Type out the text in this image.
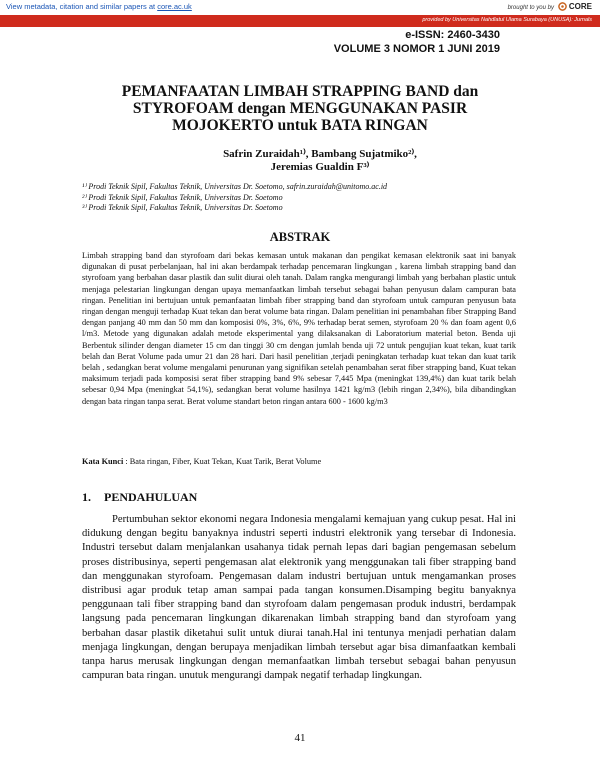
View metadata, citation and similar papers at core.ac.uk	brought to you by CORE
provided by Universitas Nahdlatul Ulama Surabaya (UNUSA): Jurnals
e-ISSN: 2460-3430
VOLUME 3 NOMOR 1 JUNI 2019
PEMANFAATAN LIMBAH STRAPPING BAND dan
STYROFOAM dengan MENGGUNAKAN PASIR
MOJOKERTO untuk BATA RINGAN
Safrin Zuraidah¹⁾, Bambang Sujatmiko²⁾,
Jeremias Gualdin F³⁾
¹⁾ Prodi Teknik Sipil, Fakultas Teknik, Universitas Dr. Soetomo, safrin.zuraidah@unitomo.ac.id
²⁾ Prodi Teknik Sipil, Fakultas Teknik, Universitas Dr. Soetomo
³⁾ Prodi Teknik Sipil, Fakultas Teknik, Universitas Dr. Soetomo
ABSTRAK
Limbah strapping band dan styrofoam dari bekas kemasan untuk makanan dan pengikat kemasan elektronik saat ini banyak digunakan di pusat perbelanjaan, hal ini akan berdampak terhadap pencemaran lingkungan , karena limbah strapping band dan styrofoam yang berbahan dasar plastik dan sulit diurai oleh tanah. Dalam rangka mengurangi limbah yang berbahan plastic untuk menjaga pelestarian lingkungan dengan upaya memanfaatkan limbah tersebut sebagai bahan penyusun dalam campuran bata ringan. Penelitian ini bertujuan untuk pemanfaatan limbah fiber strapping band dan styrofoam untuk campuran penyusun bata ringan dengan menguji terhadap Kuat tekan dan berat volume bata ringan. Dalam penelitian ini penambahan fiber Strapping Band dengan panjang 40 mm dan 50 mm dan komposisi 0%, 3%, 6%, 9% terhadap berat semen, styrofoam 20 % dan foam agent 0,6 l/m3. Metode yang digunakan adalah metode eksperimental yang dilaksanakan di Laboratorium material beton. Benda uji Berbentuk silinder dengan diameter 15 cm dan tinggi 30 cm dengan jumlah benda uji 72 untuk pengujian kuat tekan, kuat tarik belah dan Berat Volume pada umur 21 dan 28 hari. Dari hasil penelitian ,terjadi peningkatan terhadap kuat tekan dan kuat tarik belah , sedangkan berat volume mengalami penurunan yang signifikan setelah penambahan serat fiber strapping band, Kuat tekan maksimum terjadi pada komposisi serat fiber strapping band 9% sebesar 7,445 Mpa (meningkat 139,4%) dan kuat tarik belah sebesar 0,94 Mpa (meningkat 54,1%), sedangkan berat volume hasilnya 1421 kg/m3 (lebih ringan 2,34%), bila dibandingkan dengan bata ringan tanpa serat. Berat volume standart beton ringan antara 600 - 1600 kg/m3
Kata Kunci : Bata ringan, Fiber, Kuat Tekan, Kuat Tarik, Berat Volume
1. PENDAHULUAN

Pertumbuhan sektor ekonomi negara Indonesia mengalami kemajuan yang cukup pesat. Hal ini didukung dengan begitu banyaknya industri seperti industri elektronik yang tersebar di Indonesia. Industri tersebut dalam menjalankan usahanya tidak pernah lepas dari bagian pengemasan sebelum proses distribusinya, seperti pengemasan alat elektronik yang menggunakan tali fiber strapping band dan menggunakan styrofoam. Pengemasan dalam industri bertujuan untuk mengamankan proses distribusi agar produk tetap aman sampai pada tangan konsumen.Disamping begitu banyaknya penggunaan tali fiber strapping band dan styrofoam dalam pengemasan produk industri, berdampak langsung pada pencemaran lingkungan dikarenakan limbah strapping band dan styrofoam yang berbahan dasar plastik diketahui sulit untuk diurai tanah.Hal ini tentunya menjadi perhatian dalam menjaga lingkungan, dengan berupaya menjadikan limbah tersebut agar bisa dimanfaatkan kembali tanpa harus merusak lingkungan dengan memanfaatkan limbah tersebut sebagai bahan penyusun campuran bata ringan. unutuk mengurangi dampak negatif terhadap lingkungan.

41
